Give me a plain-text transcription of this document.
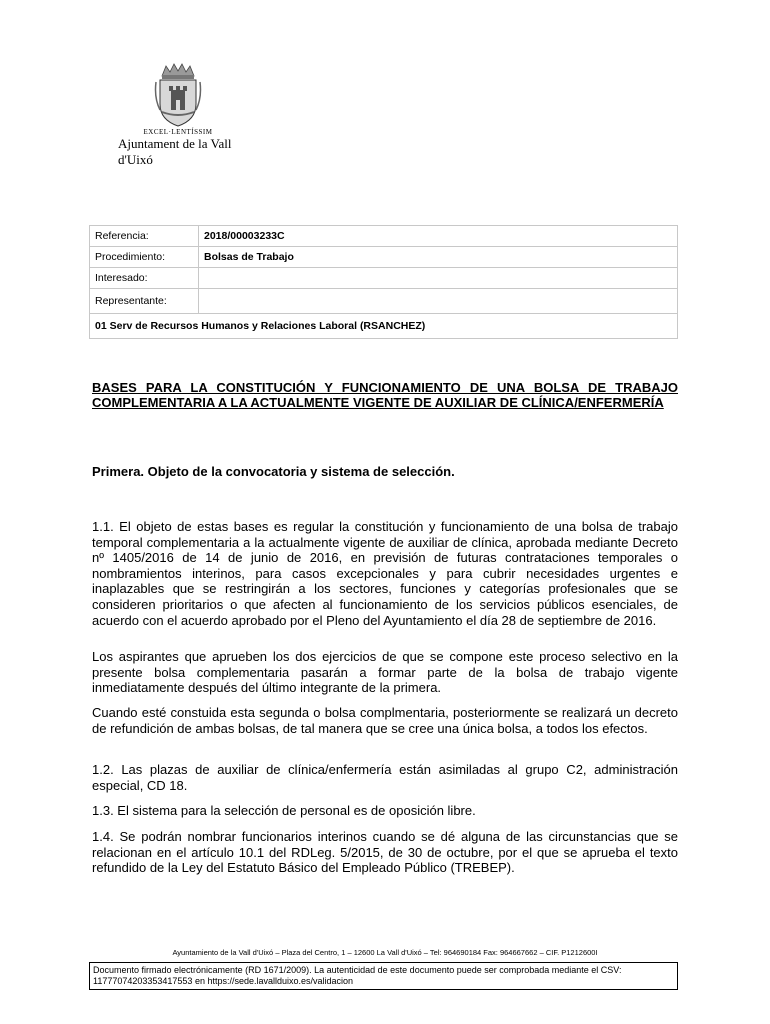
EXCEL·LENTÍSSIM
Ajuntament de la Vall d'Uixó
Referencia:	2018/00003233C
Procedimiento:	Bolsas de Trabajo
Interesado:	
Representante:	
01 Serv de Recursos Humanos y Relaciones Laboral (RSANCHEZ)	
BASES PARA LA CONSTITUCIÓN Y FUNCIONAMIENTO DE UNA BOLSA DE TRABAJO COMPLEMENTARIA A LA ACTUALMENTE VIGENTE DE AUXILIAR DE CLÍNICA/ENFERMERÍA
Primera. Objeto de la convocatoria y sistema de selección.
1.1. El objeto de estas bases es regular la constitución y funcionamiento de una bolsa de trabajo temporal complementaria a la actualmente vigente de auxiliar de clínica, aprobada mediante Decreto nº 1405/2016 de 14 de junio de 2016, en previsión de futuras contrataciones temporales o nombramientos interinos, para casos excepcionales y para cubrir necesidades urgentes e inaplazables que se restringirán a los sectores, funciones y categorías profesionales que se consideren prioritarios o que afecten al funcionamiento de los servicios públicos esenciales, de acuerdo con el acuerdo aprobado por el Pleno del Ayuntamiento el día 28 de septiembre de 2016.
Los aspirantes que aprueben los dos ejercicios de que se compone este proceso selectivo en la presente bolsa complementaria pasarán a formar parte de la bolsa de trabajo vigente inmediatamente después del último integrante de la primera.
Cuando esté constuida esta segunda o bolsa complmentaria, posteriormente se realizará un decreto de refundición de ambas bolsas, de tal manera que se cree una única bolsa, a todos los efectos.
1.2. Las plazas de auxiliar de clínica/enfermería están asimiladas al grupo C2, administración especial, CD 18.
1.3. El sistema para la selección de personal es de oposición libre.
1.4. Se podrán nombrar funcionarios interinos cuando se dé alguna de las circunstancias que se relacionan en el artículo 10.1 del RDLeg. 5/2015, de 30 de octubre, por el que se aprueba el texto refundido de la Ley del Estatuto Básico del Empleado Público (TREBEP).
Ayuntamiento de la Vall d'Uixó – Plaza del Centro, 1 – 12600 La Vall d'Uixó – Tel: 964690184 Fax: 964667662 – CIF. P1212600I
Documento firmado electrónicamente (RD 1671/2009). La autenticidad de este documento puede ser comprobada mediante el CSV: 11777074203353417553 en https://sede.lavallduixo.es/validacion
